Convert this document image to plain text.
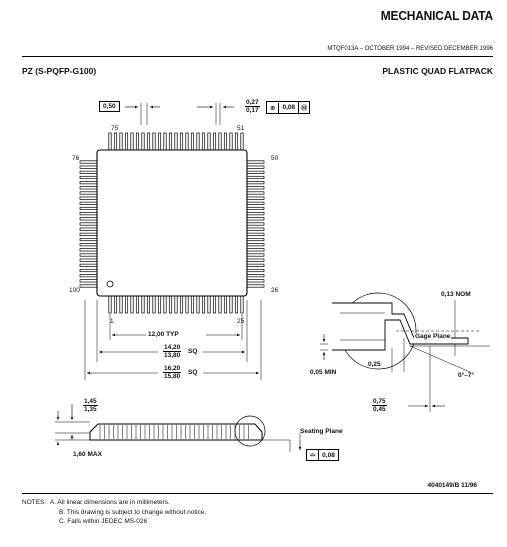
MECHANICAL DATA
MTQF013A – OCTOBER 1994 – REVISED DECEMBER 1996
PZ (S-PQFP-G100)	PLASTIC QUAD FLATPACK
0,50	$\frac{0,27}{0,17}$	⊕	0,08	Ⓜ
75	51
76	50
100	26
1	25
12,00 TYP
$\frac{14,20}{13,80}$ SQ
$\frac{16,20}{15,80}$ SQ
0,13 NOM
Gage Plane
0,25
0,05 MIN	0°–7°
$\frac{0,75}{0,45}$
$\frac{1,45}{1,35}$
1,60 MAX
Seating Plane
⌓	0,08
4040149/B 11/96
NOTES: A. All linear dimensions are in millimeters.
B. This drawing is subject to change without notice.
C. Falls within JEDEC MS-026
